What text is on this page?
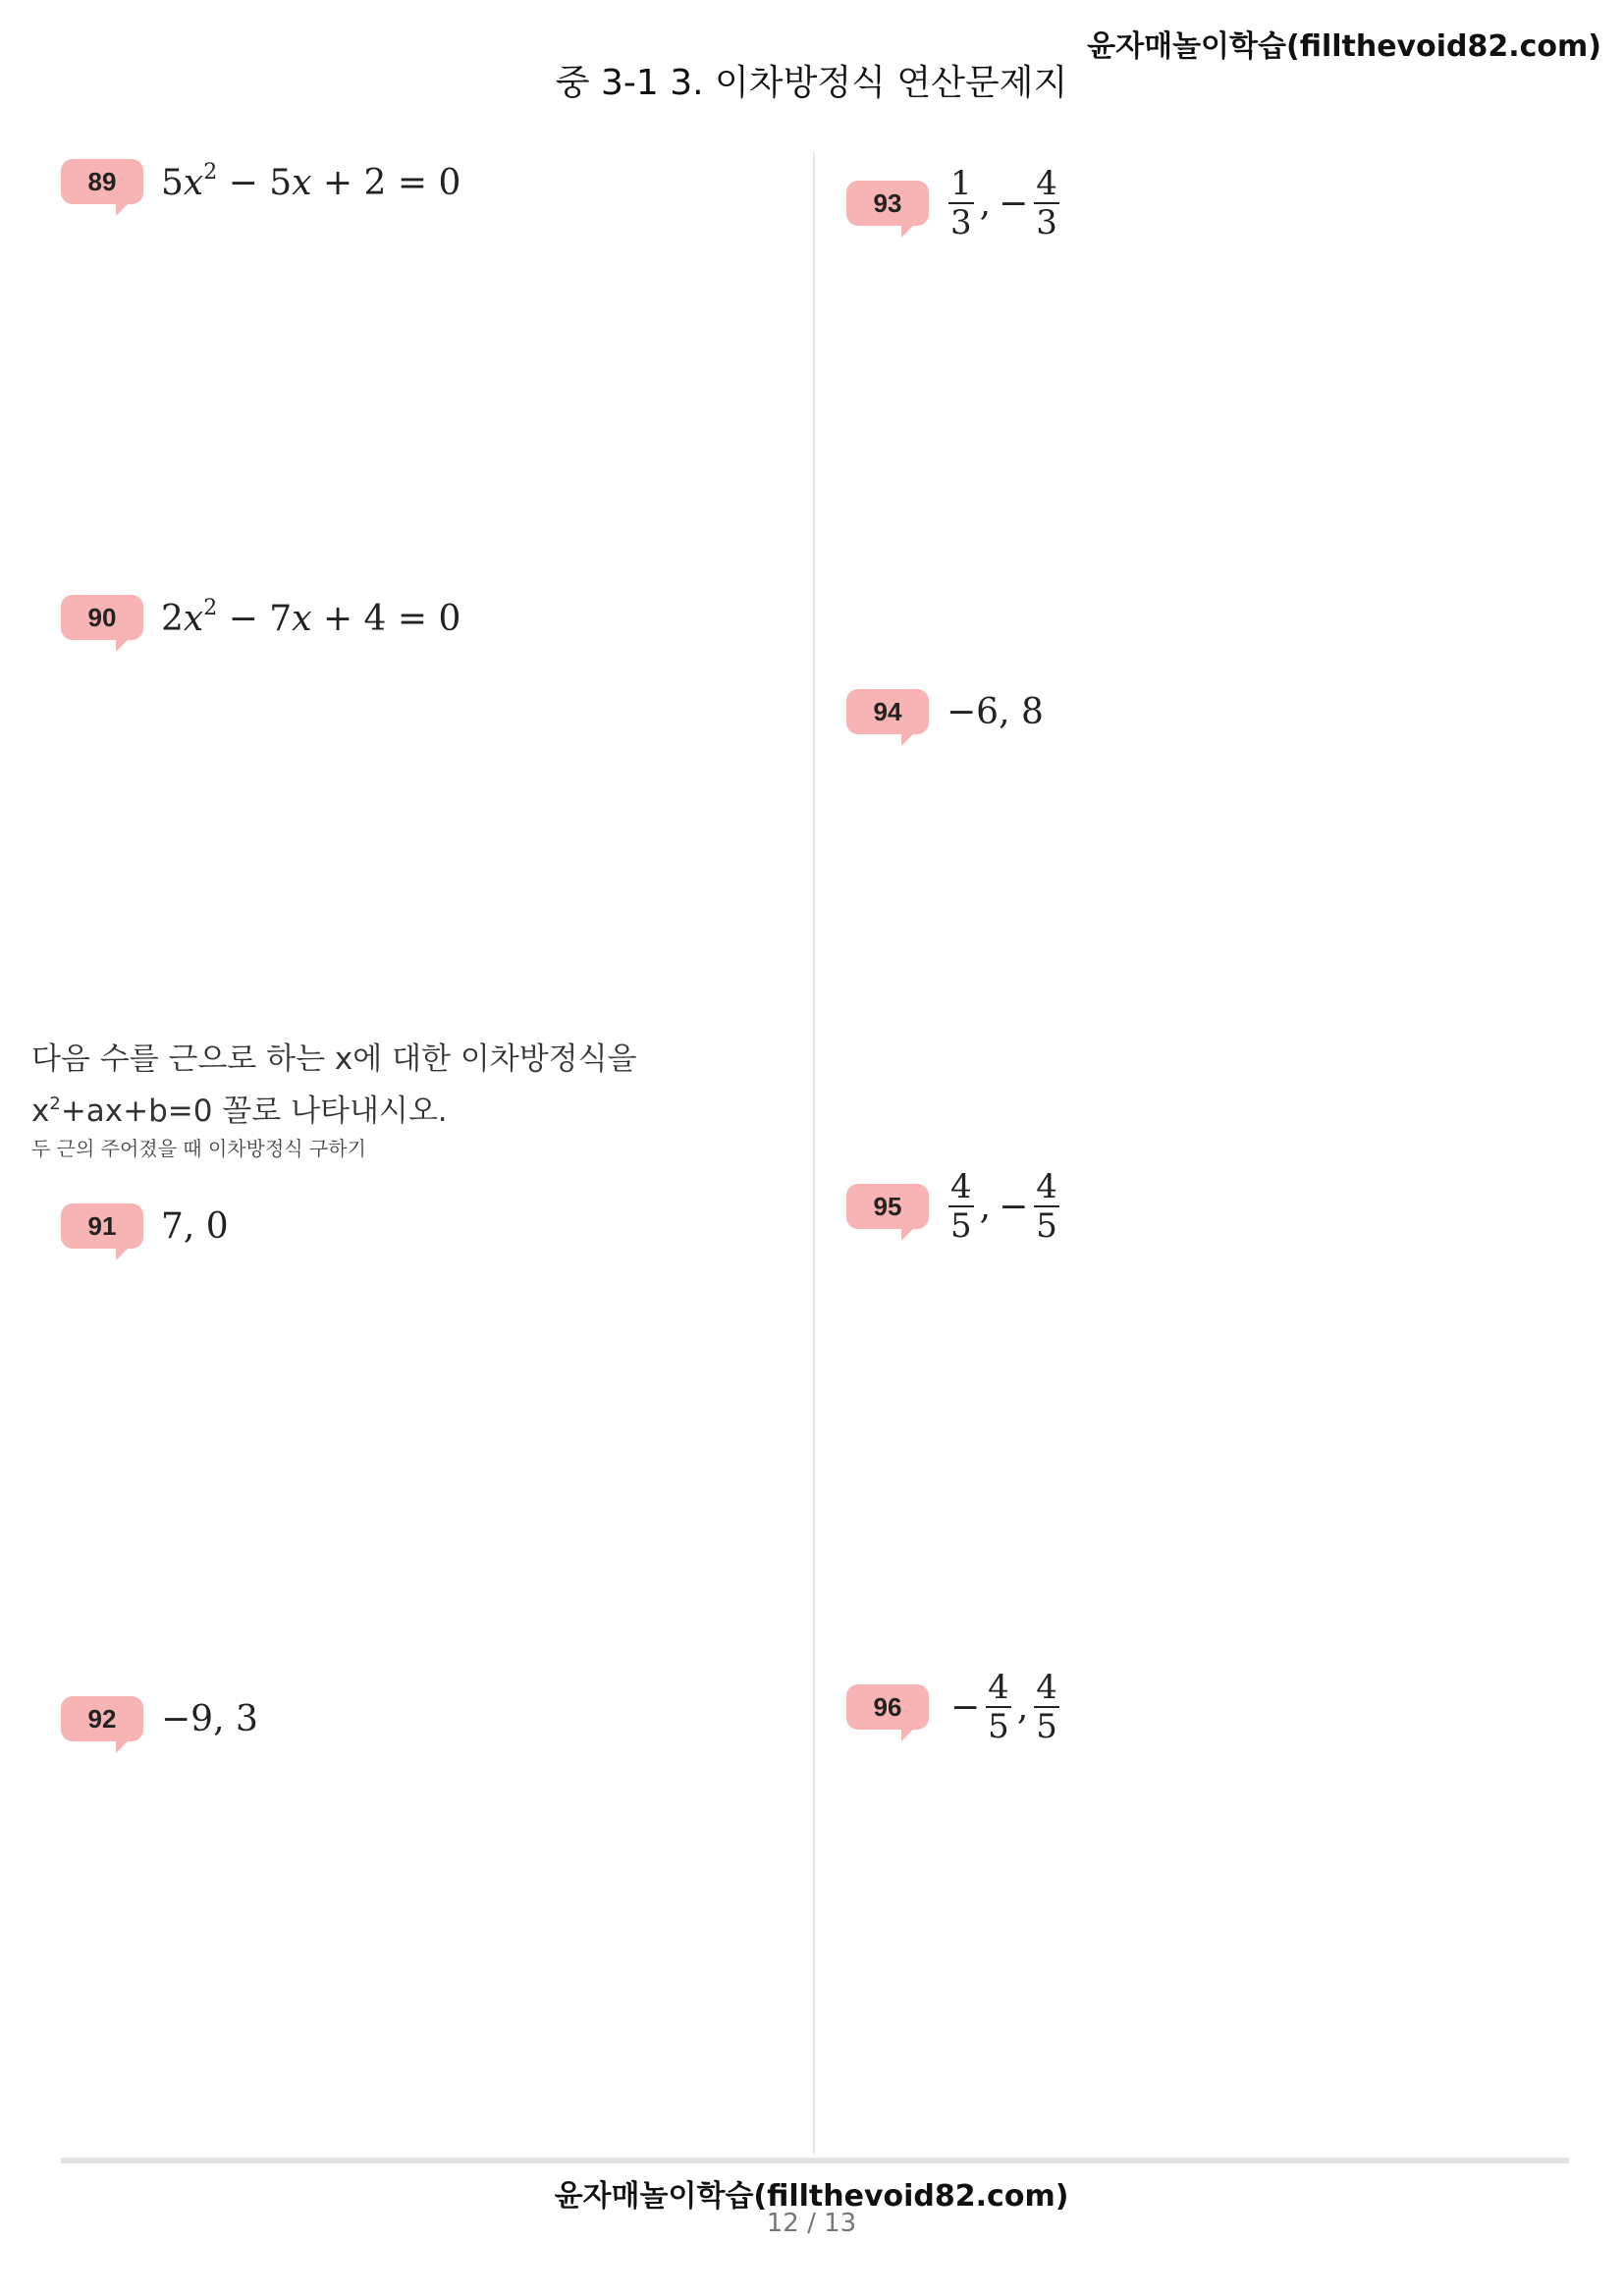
윤자매놀이학습(fillthevoid82.com)
중 3-1 3. 이차방정식 연산문제지
89	$5x^2 - 5x + 2 = 0$
90	$2x^2 - 7x + 4 = 0$
다음 수를 근으로 하는 x에 대한 이차방정식을
$x^2+ax+b=0$ 꼴로 나타내시오.
두 근의 주어졌을 때 이차방정식 구하기
91	7, 0
92	−9, 3
93	$\frac{1}{3}$ , − $\frac{4}{3}$
94	−6, 8
95	$\frac{4}{5}$ , − $\frac{4}{5}$
96	− $\frac{4}{5}$ , $\frac{4}{5}$
윤자매놀이학습(fillthevoid82.com)
12 / 13
